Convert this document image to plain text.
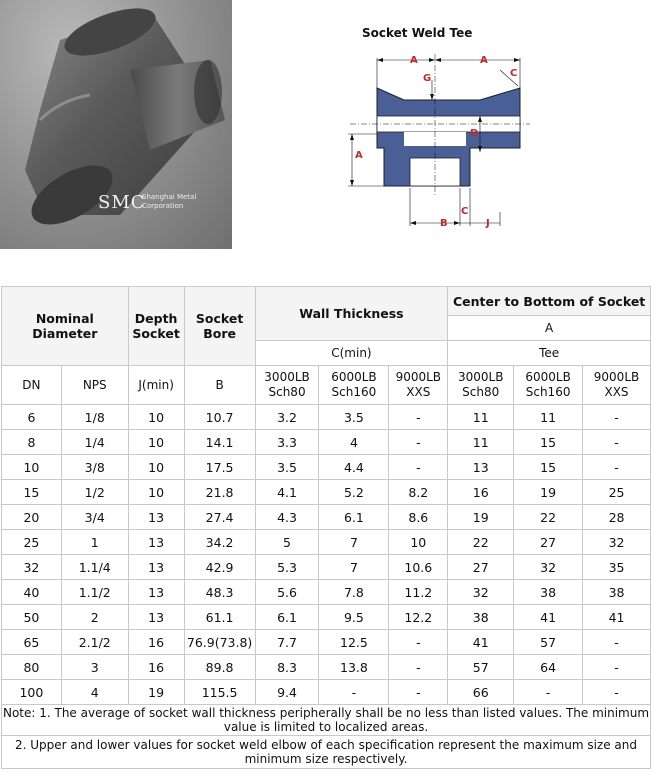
SMC
Shanghai Metal
Corporation
Socket Weld Tee
A	A
C
G
D
A
B
C
J
Nominal Diameter		Depth Socket	Socket Bore	Wall Thickness			Center to Bottom of Socket		
							A		
				C(min)			Tee		
DN	NPS	J(min)	B	3000LB Sch80	6000LB Sch160	9000LB XXS	3000LB Sch80	6000LB Sch160	9000LB XXS
6	1/8	10	10.7	3.2	3.5	-	11	11	-
8	1/4	10	14.1	3.3	4	-	11	15	-
10	3/8	10	17.5	3.5	4.4	-	13	15	-
15	1/2	10	21.8	4.1	5.2	8.2	16	19	25
20	3/4	13	27.4	4.3	6.1	8.6	19	22	28
25	1	13	34.2	5	7	10	22	27	32
32	1.1/4	13	42.9	5.3	7	10.6	27	32	35
40	1.1/2	13	48.3	5.6	7.8	11.2	32	38	38
50	2	13	61.1	6.1	9.5	12.2	38	41	41
65	2.1/2	16	76.9(73.8)	7.7	12.5	-	41	57	-
80	3	16	89.8	8.3	13.8	-	57	64	-
100	4	19	115.5	9.4	-	-	66	-	-
Note: 1. The average of socket wall thickness peripherally shall be no less than listed values. The minimum value is limited to localized areas.									
2. Upper and lower values for socket weld elbow of each specification represent the maximum size and minimum size respectively.									
